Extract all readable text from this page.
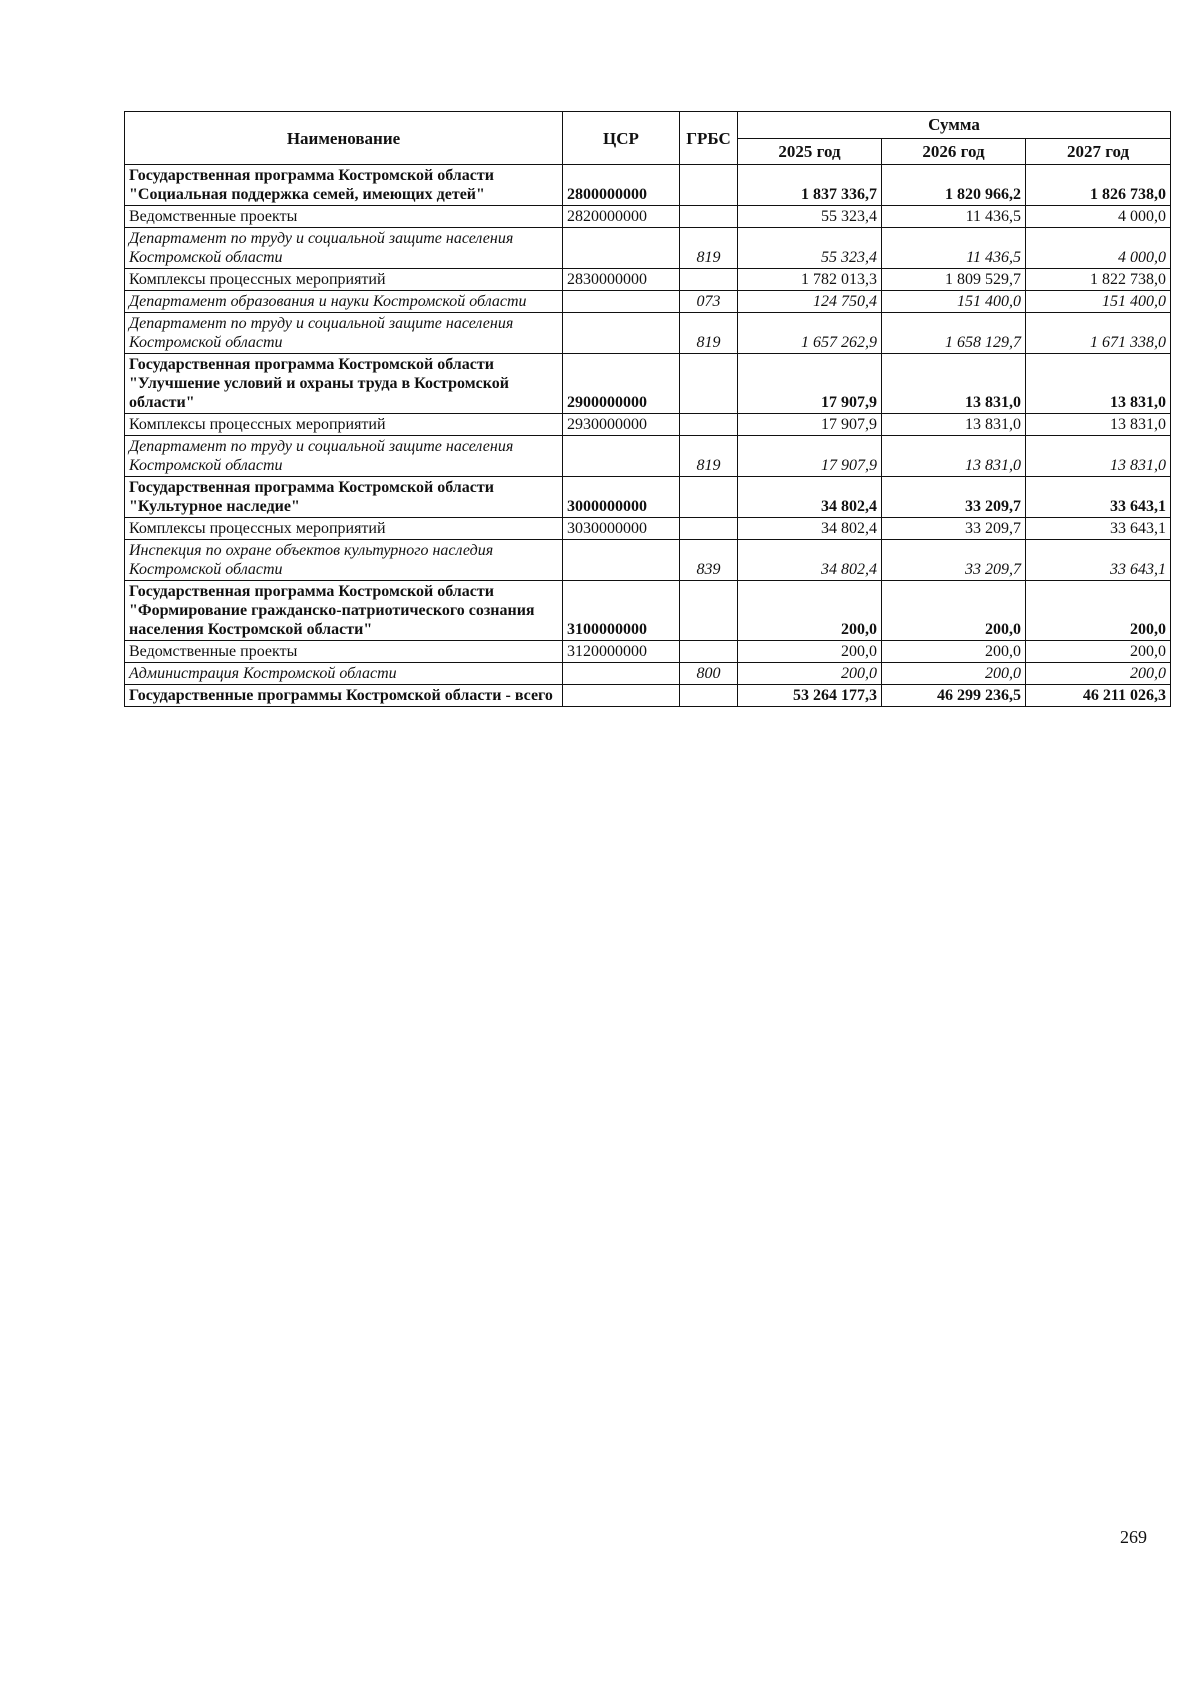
Наименование	ЦСР	ГРБС	Сумма		
			2025 год	2026 год	2027 год
Государственная программа Костромской области "Социальная поддержка семей, имеющих детей"	2800000000		1 837 336,7	1 820 966,2	1 826 738,0
Ведомственные проекты	2820000000		55 323,4	11 436,5	4 000,0
Департамент по труду и социальной защите населения Костромской области		819	55 323,4	11 436,5	4 000,0
Комплексы процессных мероприятий	2830000000		1 782 013,3	1 809 529,7	1 822 738,0
Департамент образования и науки Костромской области		073	124 750,4	151 400,0	151 400,0
Департамент по труду и социальной защите населения Костромской области		819	1 657 262,9	1 658 129,7	1 671 338,0
Государственная программа Костромской области "Улучшение условий и охраны труда в Костромской области"	2900000000		17 907,9	13 831,0	13 831,0
Комплексы процессных мероприятий	2930000000		17 907,9	13 831,0	13 831,0
Департамент по труду и социальной защите населения Костромской области		819	17 907,9	13 831,0	13 831,0
Государственная программа Костромской области "Культурное наследие"	3000000000		34 802,4	33 209,7	33 643,1
Комплексы процессных мероприятий	3030000000		34 802,4	33 209,7	33 643,1
Инспекция по охране объектов культурного наследия Костромской области		839	34 802,4	33 209,7	33 643,1
Государственная программа Костромской области "Формирование гражданско-патриотического сознания населения Костромской области"	3100000000		200,0	200,0	200,0
Ведомственные проекты	3120000000		200,0	200,0	200,0
Администрация Костромской области		800	200,0	200,0	200,0
Государственные программы Костромской области - всего			53 264 177,3	46 299 236,5	46 211 026,3
269
